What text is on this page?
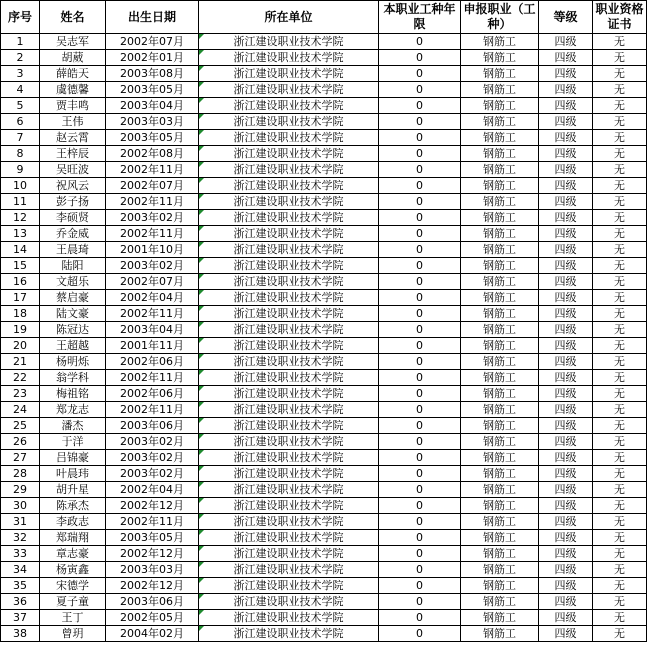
序号	姓名	出生日期	所在单位	本职业工种年限	申报职业（工种）	等级	职业资格证书
1	吴志军	2002年07月	浙江建设职业技术学院	0	钢筋工	四级	无
2	胡葳	2002年01月	浙江建设职业技术学院	0	钢筋工	四级	无
3	薛皓天	2003年08月	浙江建设职业技术学院	0	钢筋工	四级	无
4	虞德馨	2003年05月	浙江建设职业技术学院	0	钢筋工	四级	无
5	贾丰鸣	2003年04月	浙江建设职业技术学院	0	钢筋工	四级	无
6	王伟	2003年03月	浙江建设职业技术学院	0	钢筋工	四级	无
7	赵云霄	2003年05月	浙江建设职业技术学院	0	钢筋工	四级	无
8	王梓辰	2002年08月	浙江建设职业技术学院	0	钢筋工	四级	无
9	吴旺波	2002年11月	浙江建设职业技术学院	0	钢筋工	四级	无
10	祝风云	2002年07月	浙江建设职业技术学院	0	钢筋工	四级	无
11	彭子扬	2002年11月	浙江建设职业技术学院	0	钢筋工	四级	无
12	李硕贤	2003年02月	浙江建设职业技术学院	0	钢筋工	四级	无
13	乔金威	2002年11月	浙江建设职业技术学院	0	钢筋工	四级	无
14	王晨琦	2001年10月	浙江建设职业技术学院	0	钢筋工	四级	无
15	陆阳	2003年02月	浙江建设职业技术学院	0	钢筋工	四级	无
16	文超乐	2002年07月	浙江建设职业技术学院	0	钢筋工	四级	无
17	蔡启豪	2002年04月	浙江建设职业技术学院	0	钢筋工	四级	无
18	陆文豪	2002年11月	浙江建设职业技术学院	0	钢筋工	四级	无
19	陈冠达	2003年04月	浙江建设职业技术学院	0	钢筋工	四级	无
20	王超越	2001年11月	浙江建设职业技术学院	0	钢筋工	四级	无
21	杨明烁	2002年06月	浙江建设职业技术学院	0	钢筋工	四级	无
22	翁学科	2002年11月	浙江建设职业技术学院	0	钢筋工	四级	无
23	梅祖铭	2002年06月	浙江建设职业技术学院	0	钢筋工	四级	无
24	郑龙志	2002年11月	浙江建设职业技术学院	0	钢筋工	四级	无
25	潘杰	2003年06月	浙江建设职业技术学院	0	钢筋工	四级	无
26	于洋	2003年02月	浙江建设职业技术学院	0	钢筋工	四级	无
27	吕锦豪	2003年02月	浙江建设职业技术学院	0	钢筋工	四级	无
28	叶晨玮	2003年02月	浙江建设职业技术学院	0	钢筋工	四级	无
29	胡升星	2002年04月	浙江建设职业技术学院	0	钢筋工	四级	无
30	陈承杰	2002年12月	浙江建设职业技术学院	0	钢筋工	四级	无
31	李政志	2002年11月	浙江建设职业技术学院	0	钢筋工	四级	无
32	郑瑞翔	2003年05月	浙江建设职业技术学院	0	钢筋工	四级	无
33	章志豪	2002年12月	浙江建设职业技术学院	0	钢筋工	四级	无
34	杨寅鑫	2003年03月	浙江建设职业技术学院	0	钢筋工	四级	无
35	宋德学	2002年12月	浙江建设职业技术学院	0	钢筋工	四级	无
36	夏子童	2003年06月	浙江建设职业技术学院	0	钢筋工	四级	无
37	王丁	2002年05月	浙江建设职业技术学院	0	钢筋工	四级	无
38	曾玥	2004年02月	浙江建设职业技术学院	0	钢筋工	四级	无
